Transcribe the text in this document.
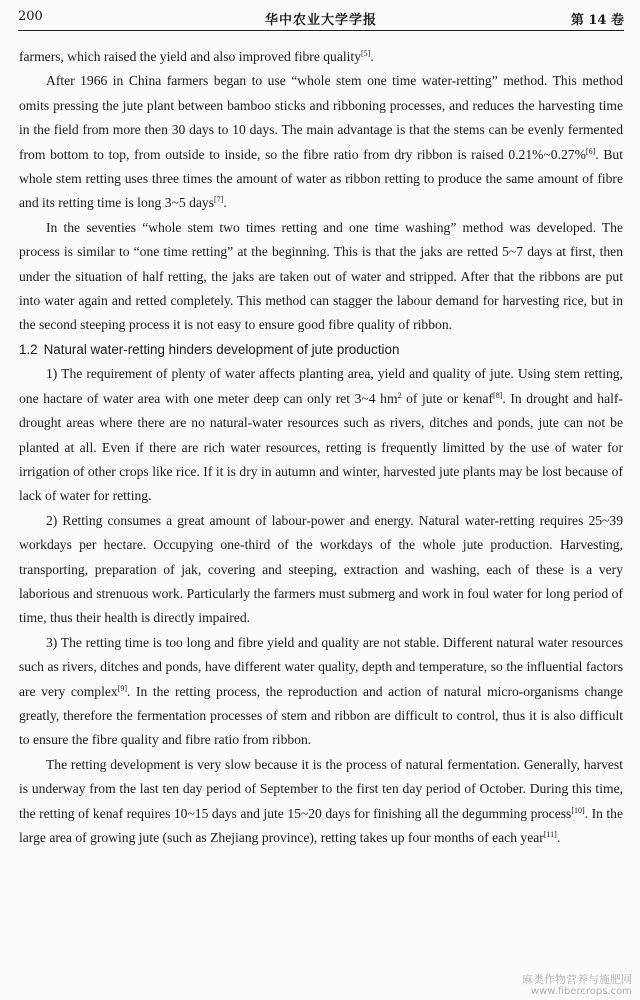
200	华中农业大学学报	第 14 卷

farmers, which raised the yield and also improved fibre quality[5].

After 1966 in China farmers began to use “whole stem one time water-retting” method. This method omits pressing the jute plant between bamboo sticks and ribboning processes, and reduces the harvesting time in the field from more then 30 days to 10 days. The main advantage is that the stems can be evenly fermented from bottom to top, from outside to inside, so the fibre ratio from dry ribbon is raised 0.21%~0.27%[6]. But whole stem retting uses three times the amount of water as ribbon retting to produce the same amount of fibre and its retting time is long 3~5 days[7].

In the seventies “whole stem two times retting and one time washing” method was developed. The process is similar to “one time retting” at the beginning. This is that the jaks are retted 5~7 days at first, then under the situation of half retting, the jaks are taken out of water and stripped. After that the ribbons are put into water again and retted completely. This method can stagger the labour demand for harvesting rice, but in the second steeping process it is not easy to ensure good fibre quality of ribbon.

1.2 Natural water-retting hinders development of jute production

1) The requirement of plenty of water affects planting area, yield and quality of jute. Using stem retting, one hactare of water area with one meter deep can only ret 3~4 $hm^2$ of jute or kenaf[8]. In drought and half-drought areas where there are no natural-water resources such as rivers, ditches and ponds, jute can not be planted at all. Even if there are rich water resources, retting is frequently limitted by the use of water for irrigation of other crops like rice. If it is dry in autumn and winter, harvested jute plants may be lost because of lack of water for retting.

2) Retting consumes a great amount of labour-power and energy. Natural water-retting requires 25~39 workdays per hectare. Occupying one-third of the workdays of the whole jute production. Harvesting, transporting, preparation of jak, covering and steeping, extraction and washing, each of these is a very laborious and strenuous work. Particularly the farmers must submerg and work in foul water for long period of time, thus their health is directly impaired.

3) The retting time is too long and fibre yield and quality are not stable. Different natural water resources such as rivers, ditches and ponds, have different water quality, depth and temperature, so the influential factors are very complex[9]. In the retting process, the reproduction and action of natural micro-organisms change greatly, therefore the fermentation processes of stem and ribbon are difficult to control, thus it is also difficult to ensure the fibre quality and fibre ratio from ribbon.

The retting development is very slow because it is the process of natural fermentation. Generally, harvest is underway from the last ten day period of September to the first ten day period of October. During this time, the retting of kenaf requires 10~15 days and jute 15~20 days for finishing all the degumming process[10]. In the large area of growing jute (such as Zhejiang province), retting takes up four months of each year[11].

麻类作物营养与施肥网
www.fibercrops.com
